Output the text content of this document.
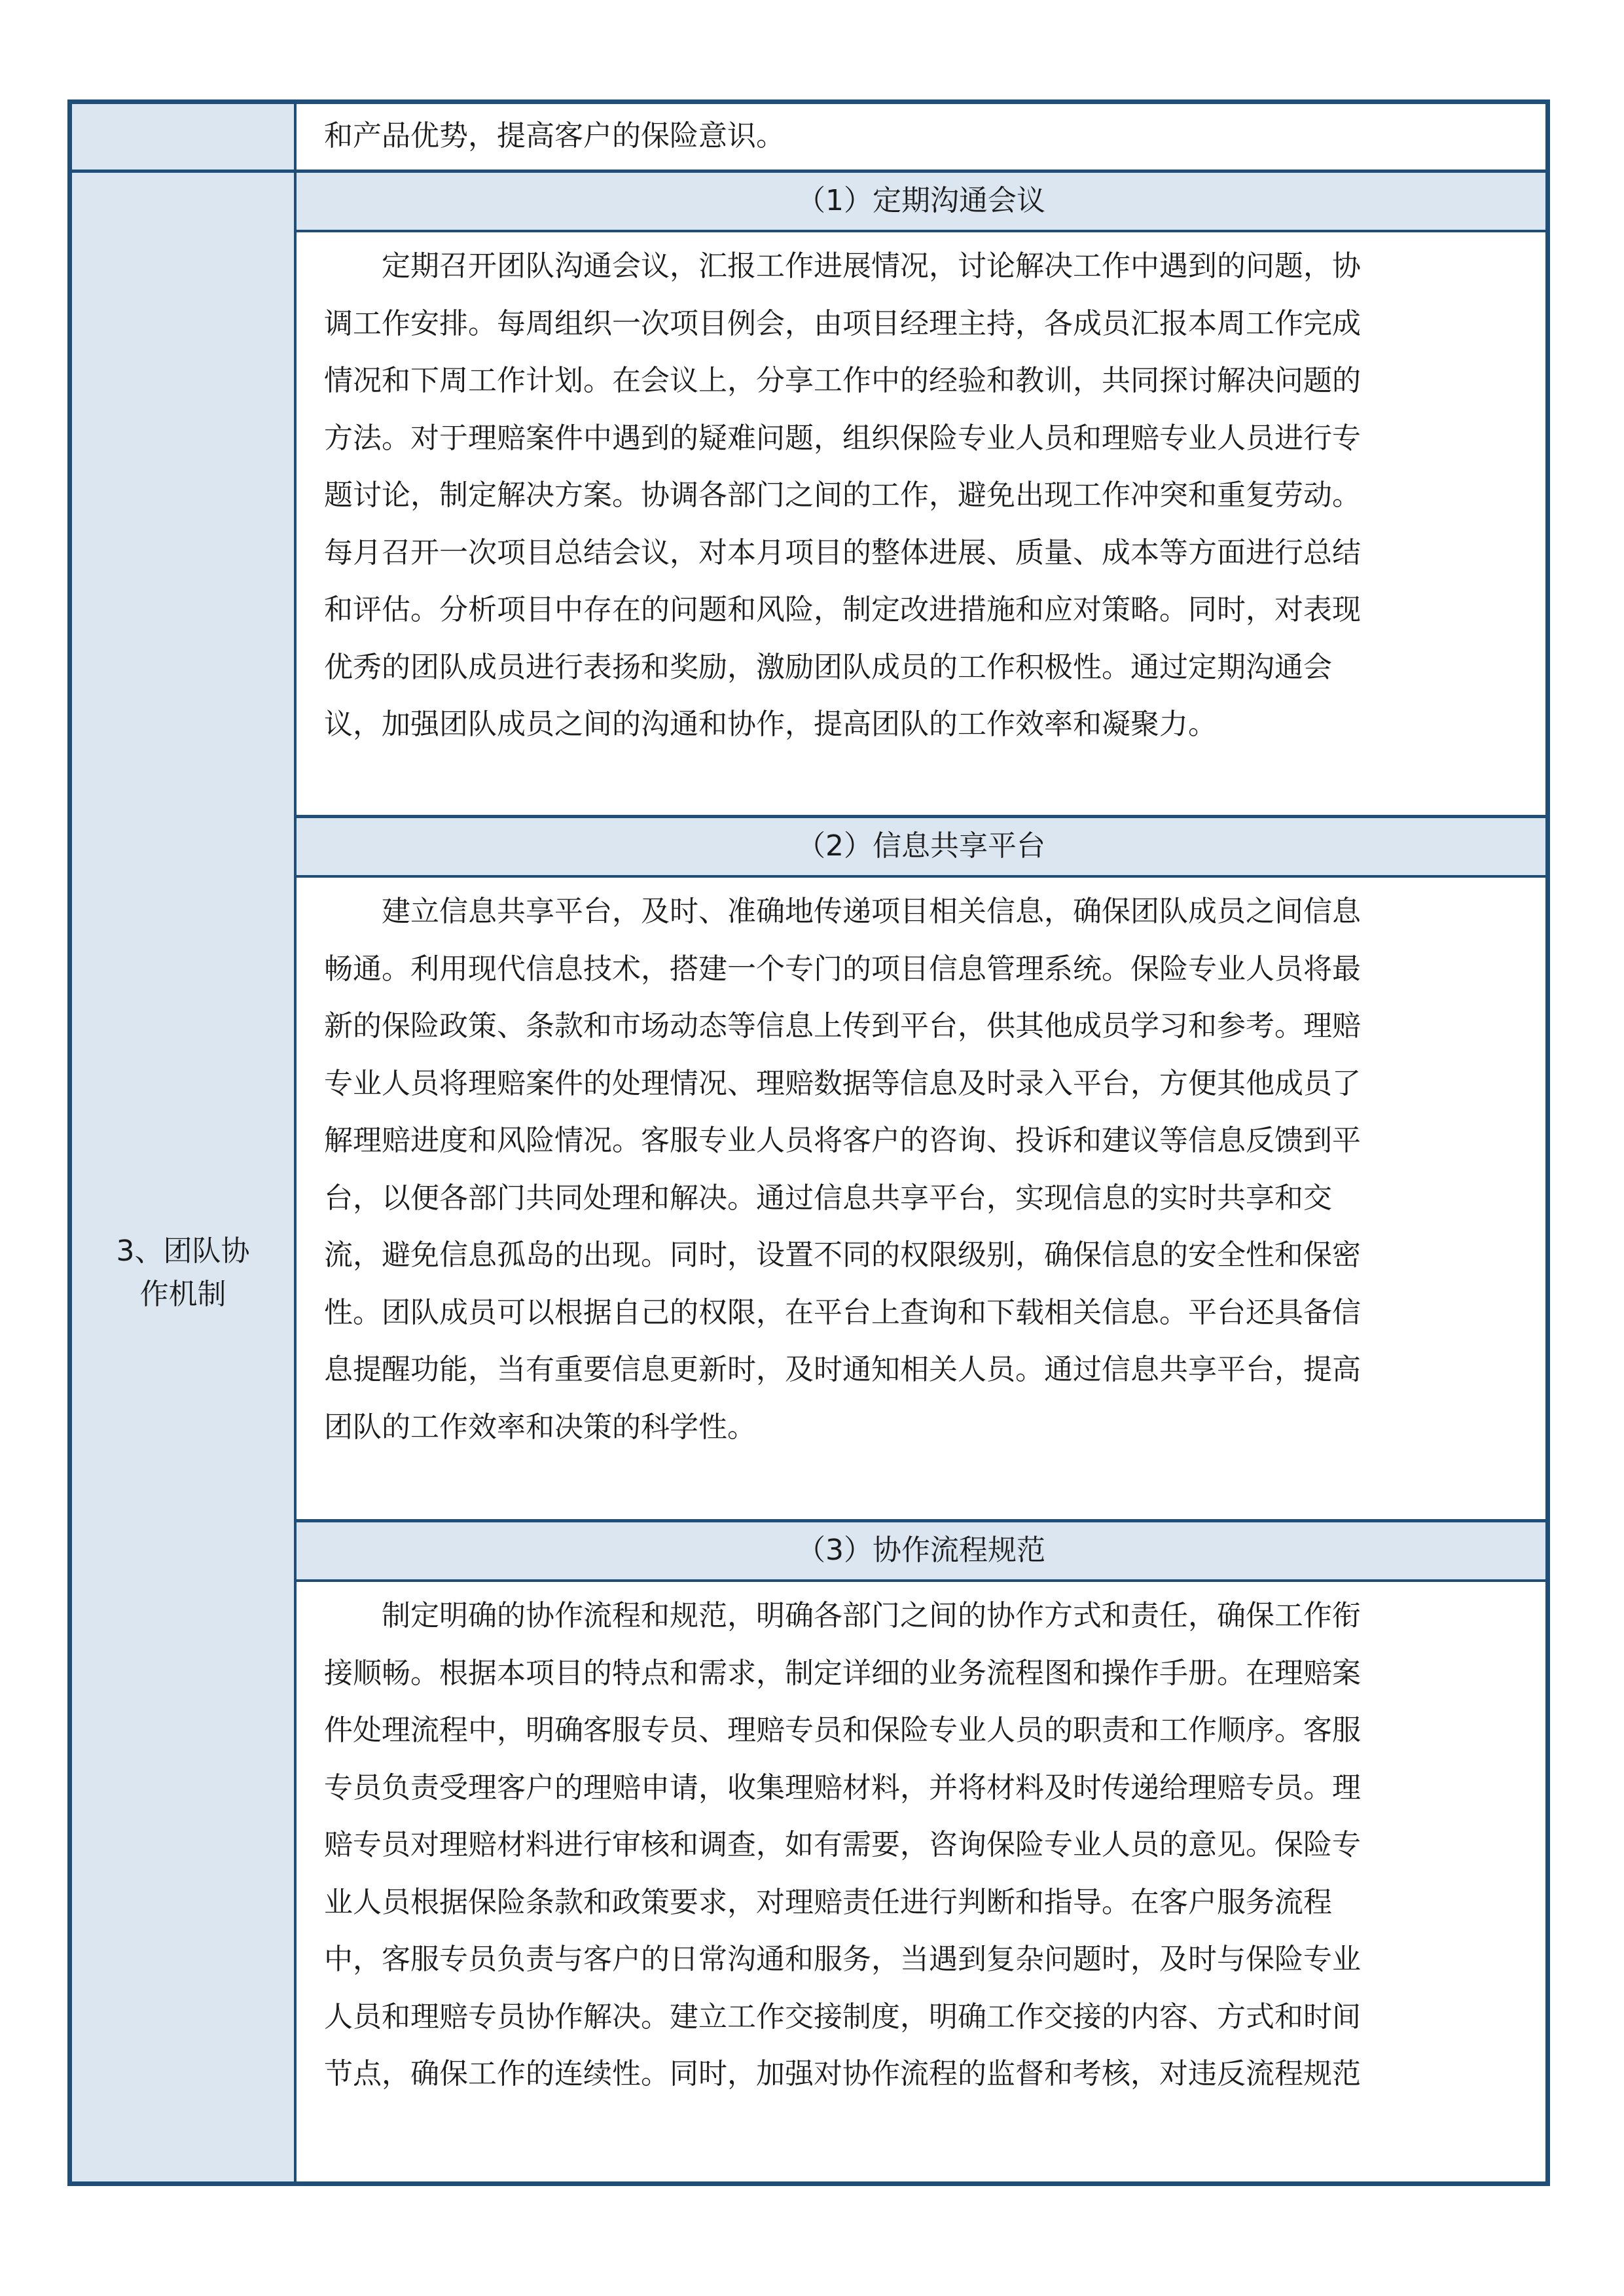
3、团队协
作机制
和产品优势，提高客户的保险意识。
（1）定期沟通会议
定期召开团队沟通会议，汇报工作进展情况，讨论解决工作中遇到的问题，协
调工作安排。每周组织一次项目例会，由项目经理主持，各成员汇报本周工作完成
情况和下周工作计划。在会议上，分享工作中的经验和教训，共同探讨解决问题的
方法。对于理赔案件中遇到的疑难问题，组织保险专业人员和理赔专业人员进行专
题讨论，制定解决方案。协调各部门之间的工作，避免出现工作冲突和重复劳动。
每月召开一次项目总结会议，对本月项目的整体进展、质量、成本等方面进行总结
和评估。分析项目中存在的问题和风险，制定改进措施和应对策略。同时，对表现
优秀的团队成员进行表扬和奖励，激励团队成员的工作积极性。通过定期沟通会
议，加强团队成员之间的沟通和协作，提高团队的工作效率和凝聚力。
（2）信息共享平台
建立信息共享平台，及时、准确地传递项目相关信息，确保团队成员之间信息
畅通。利用现代信息技术，搭建一个专门的项目信息管理系统。保险专业人员将最
新的保险政策、条款和市场动态等信息上传到平台，供其他成员学习和参考。理赔
专业人员将理赔案件的处理情况、理赔数据等信息及时录入平台，方便其他成员了
解理赔进度和风险情况。客服专业人员将客户的咨询、投诉和建议等信息反馈到平
台，以便各部门共同处理和解决。通过信息共享平台，实现信息的实时共享和交
流，避免信息孤岛的出现。同时，设置不同的权限级别，确保信息的安全性和保密
性。团队成员可以根据自己的权限，在平台上查询和下载相关信息。平台还具备信
息提醒功能，当有重要信息更新时，及时通知相关人员。通过信息共享平台，提高
团队的工作效率和决策的科学性。
（3）协作流程规范
制定明确的协作流程和规范，明确各部门之间的协作方式和责任，确保工作衔
接顺畅。根据本项目的特点和需求，制定详细的业务流程图和操作手册。在理赔案
件处理流程中，明确客服专员、理赔专员和保险专业人员的职责和工作顺序。客服
专员负责受理客户的理赔申请，收集理赔材料，并将材料及时传递给理赔专员。理
赔专员对理赔材料进行审核和调查，如有需要，咨询保险专业人员的意见。保险专
业人员根据保险条款和政策要求，对理赔责任进行判断和指导。在客户服务流程
中，客服专员负责与客户的日常沟通和服务，当遇到复杂问题时，及时与保险专业
人员和理赔专员协作解决。建立工作交接制度，明确工作交接的内容、方式和时间
节点，确保工作的连续性。同时，加强对协作流程的监督和考核，对违反流程规范
